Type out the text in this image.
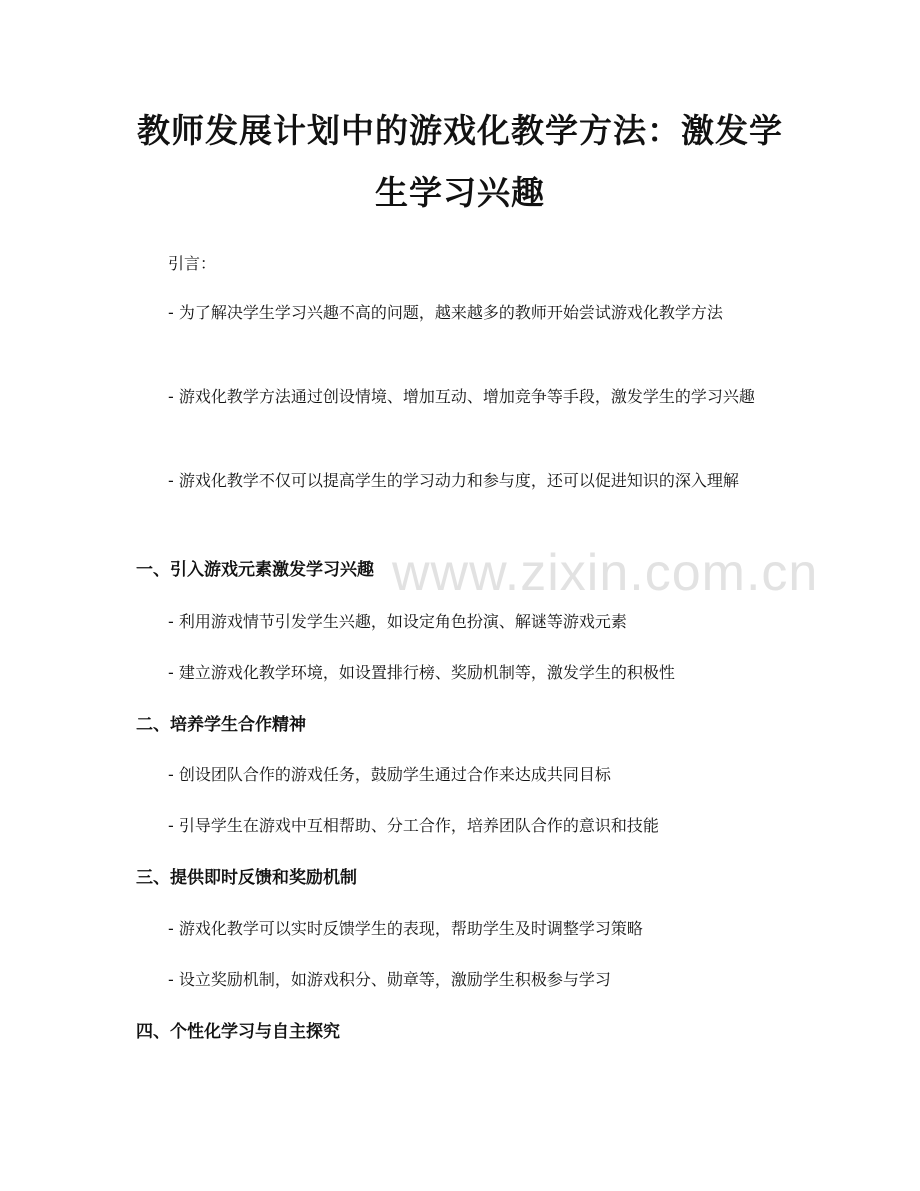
教师发展计划中的游戏化教学方法：激发学生学习兴趣

引言：

- 为了解决学生学习兴趣不高的问题，越来越多的教师开始尝试游戏化教学方法

- 游戏化教学方法通过创设情境、增加互动、增加竞争等手段，激发学生的学习兴趣

- 游戏化教学不仅可以提高学生的学习动力和参与度，还可以促进知识的深入理解

一、引入游戏元素激发学习兴趣

- 利用游戏情节引发学生兴趣，如设定角色扮演、解谜等游戏元素

- 建立游戏化教学环境，如设置排行榜、奖励机制等，激发学生的积极性

二、培养学生合作精神

- 创设团队合作的游戏任务，鼓励学生通过合作来达成共同目标

- 引导学生在游戏中互相帮助、分工合作，培养团队合作的意识和技能

三、提供即时反馈和奖励机制

- 游戏化教学可以实时反馈学生的表现，帮助学生及时调整学习策略

- 设立奖励机制，如游戏积分、勋章等，激励学生积极参与学习

四、个性化学习与自主探究
www.zixin.com.cn
